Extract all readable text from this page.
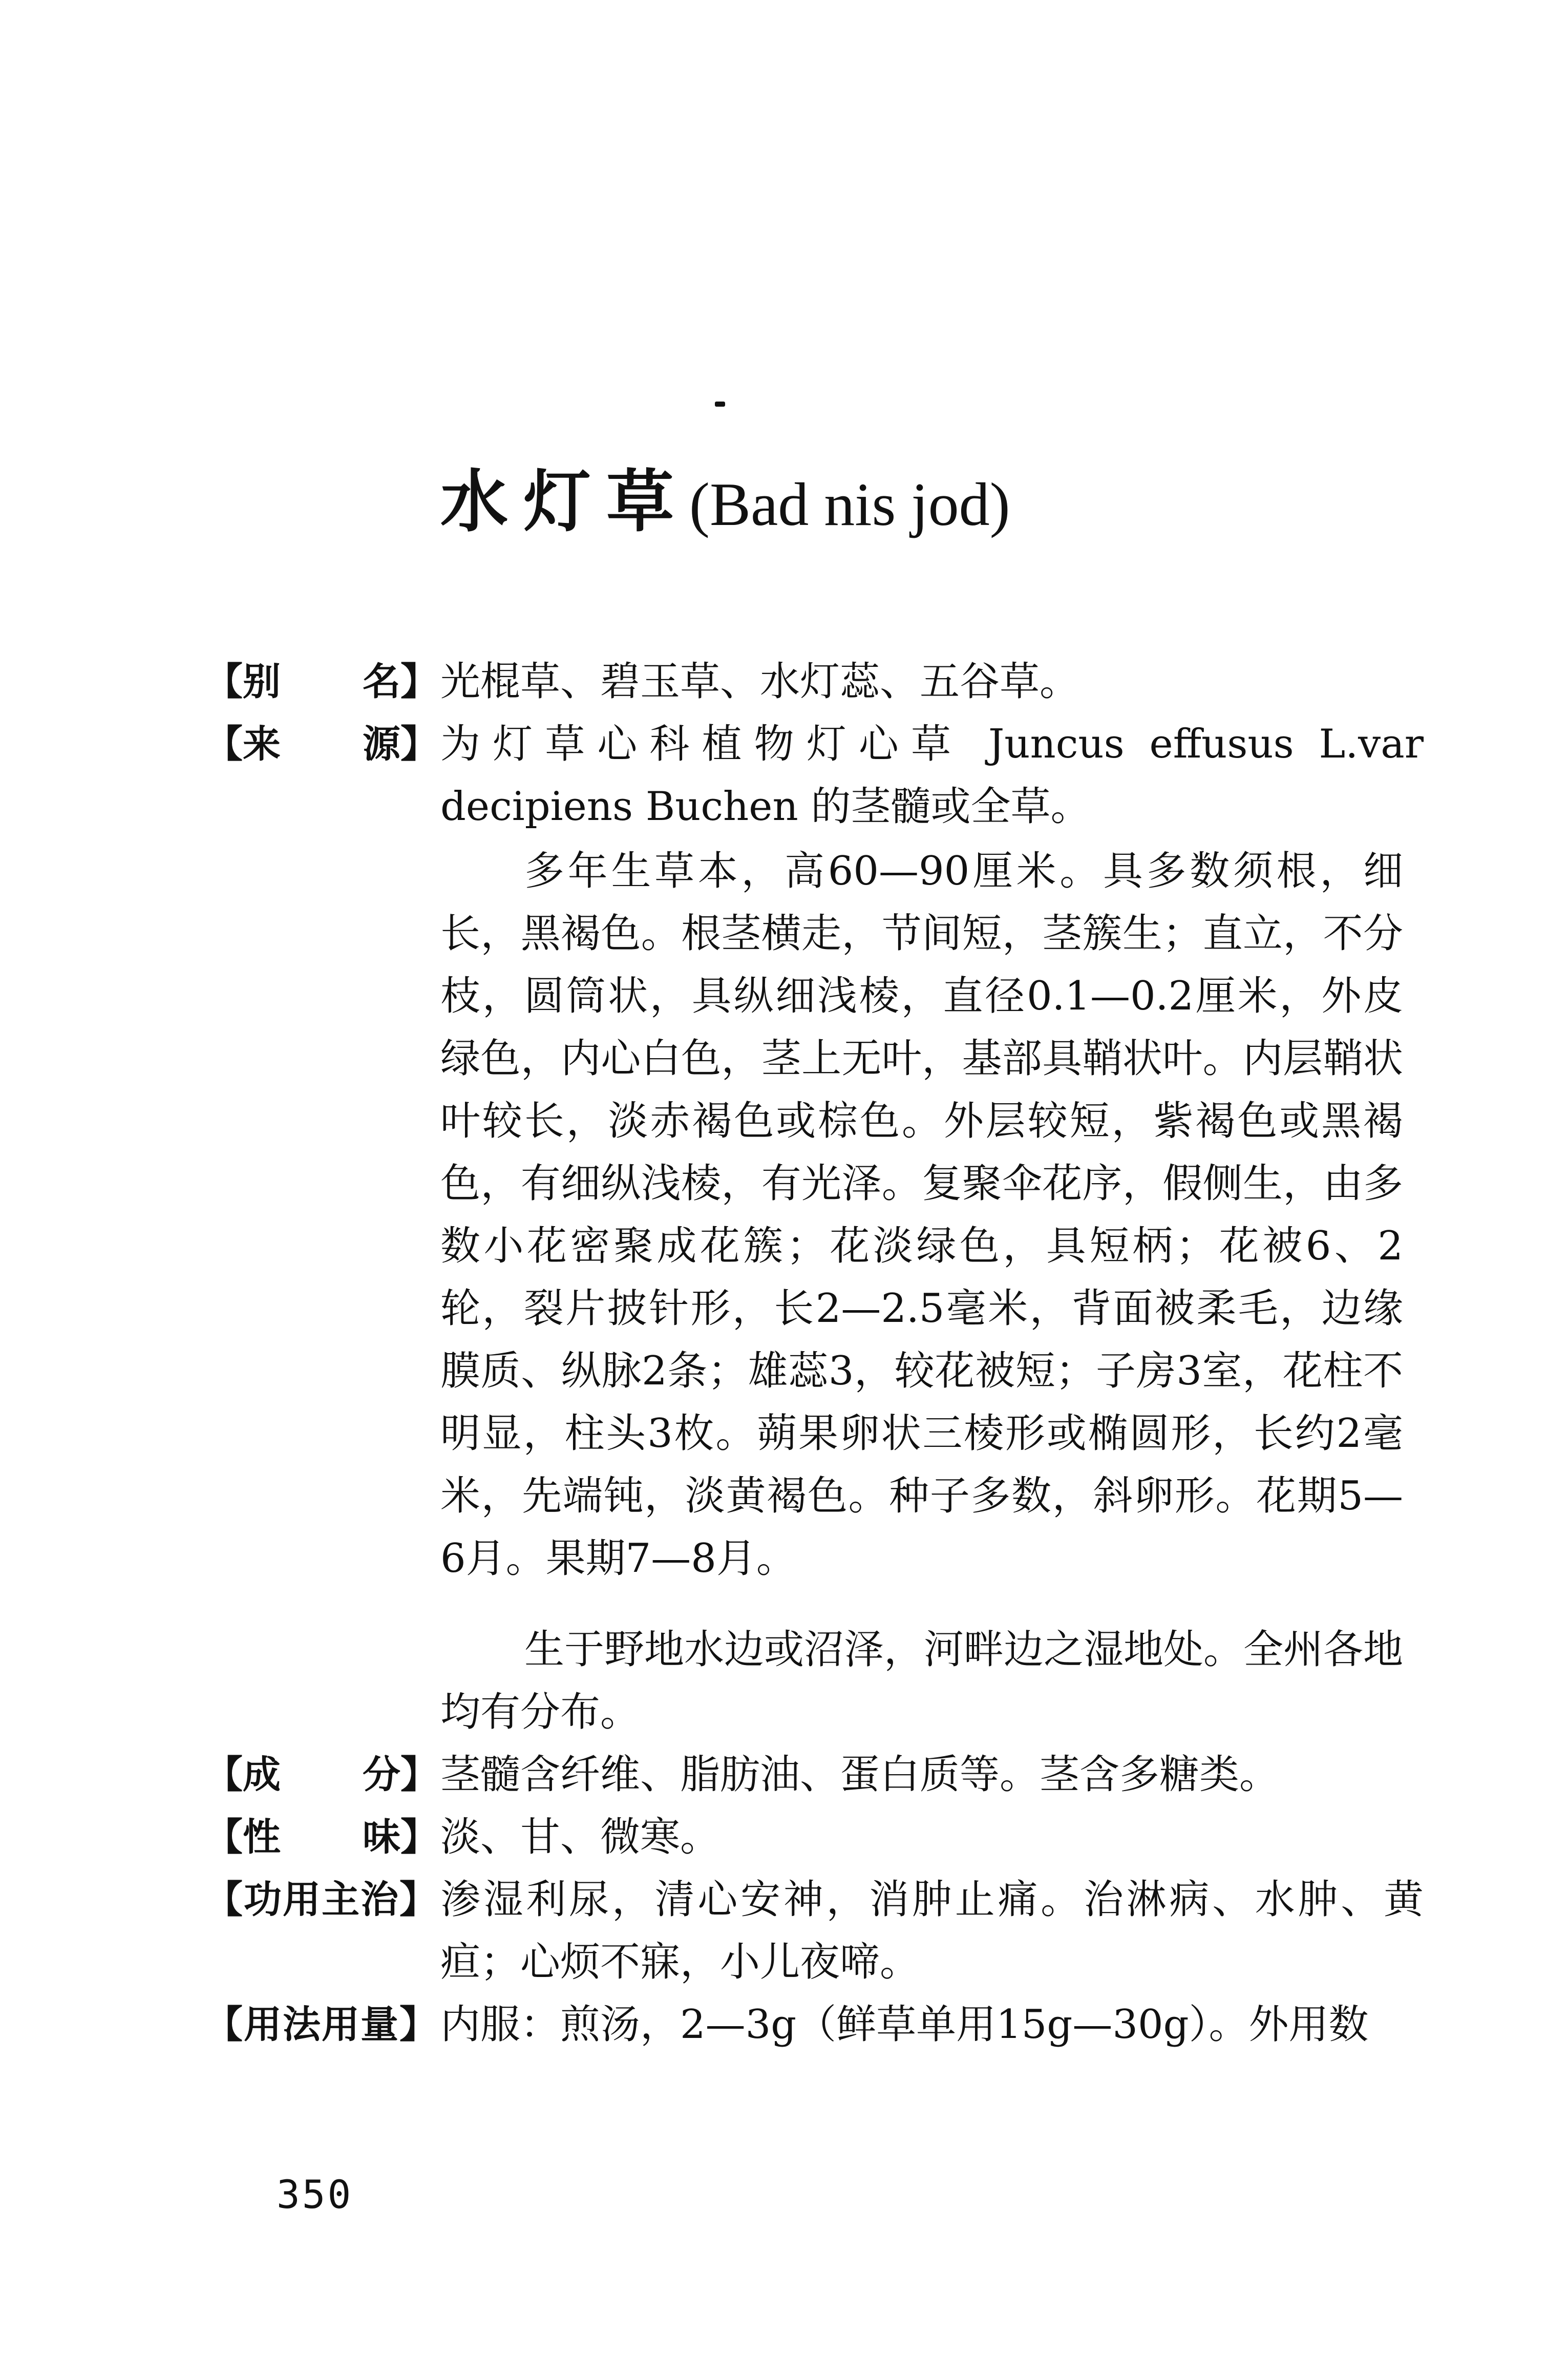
水灯草(Bad nis jod)
【别 名】 光棍草、碧玉草、水灯蕊、五谷草。
【来 源】 为灯草心科植物灯心草 Juncus effusus L.var decipiens Buchen 的茎髓或全草。
多年生草本，高60—90厘米。具多数须根，细长，黑褐色。根茎横走，节间短，茎簇生；直立，不分枝，圆筒状，具纵细浅棱，直径0.1—0.2厘米，外皮绿色，内心白色，茎上无叶，基部具鞘状叶。内层鞘状叶较长，淡赤褐色或棕色。外层较短，紫褐色或黑褐色，有细纵浅棱，有光泽。复聚伞花序，假侧生，由多数小花密聚成花簇；花淡绿色，具短柄；花被6、2轮，裂片披针形，长2—2.5毫米，背面被柔毛，边缘膜质、纵脉2条；雄蕊3，较花被短；子房3室，花柱不明显，柱头3枚。蒴果卵状三棱形或椭圆形，长约2毫米，先端钝，淡黄褐色。种子多数，斜卵形。花期5—6月。果期7—8月。
生于野地水边或沼泽，河畔边之湿地处。全州各地均有分布。
【成 分】 茎髓含纤维、脂肪油、蛋白质等。茎含多糖类。
【性 味】 淡、甘、微寒。
【功用主治】 渗湿利尿，清心安神，消肿止痛。治淋病、水肿、黄疸；心烦不寐，小儿夜啼。
【用法用量】 内服：煎汤，2—3g（鲜草单用15g—30g）。外用数
350
